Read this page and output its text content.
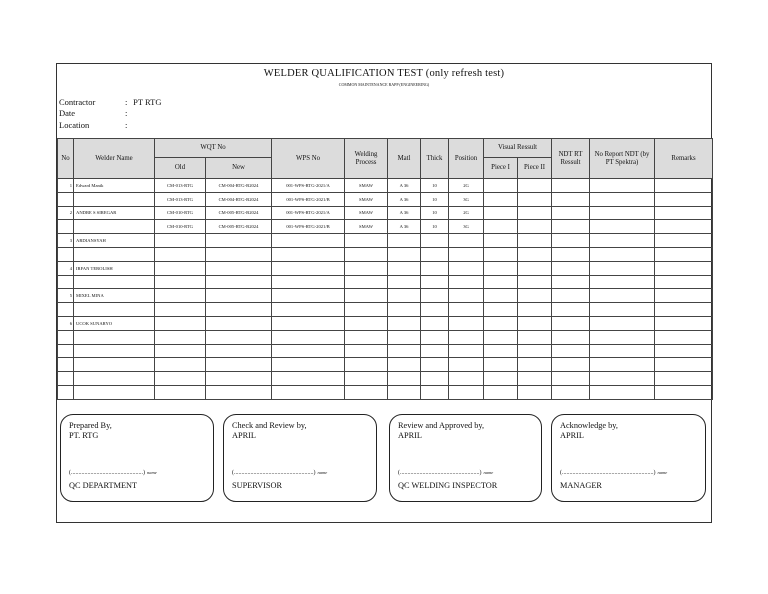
WELDER QUALIFICATION TEST (only refresh test)
COMMON MAINTENANCE RAPP (ENGINEERING)
Contractor	: PT RTG
Date	:
Location	:
No	Welder Name	WQT No		WPS No	Welding Process	Matl	Thick	Position	Visual Ressult		NDT RT Ressult	No Report NDT (by PT Spektra)	Remarks
		Old	New						Piece I	Piece II			
1	Edward Manik	CM-013-RTG	CM-004-RTG-B2024	001-WPS-RTG-2021/A	SMAW	A 36	10	2G					
		CM-013-RTG	CM-004-RTG-B2024	001-WPS-RTG-2021/B	SMAW	A 36	10	3G					
2	ANDRE S SIREGAR	CM-010-RTG	CM-005-RTG-B2024	001-WPS-RTG-2021/A	SMAW	A 36	10	2G					
		CM-010-RTG	CM-005-RTG-B2024	001-WPS-RTG-2021/B	SMAW	A 36	10	3G					
3	ARDIANSYAH												

4	IRFAN TEROLISH												

5	MIXEL MINA												

6	UCOK SUNARYO												

Prepared By,
PT. RTG
(................................................) name
QC DEPARTMENT
Check and Review by,
APRIL
(.....................................................) name
SUPERVISOR
Review and Approved by,
APRIL
(.....................................................) name
QC WELDING INSPECTOR
Acknowledge by,
APRIL
(.............................................................) name
MANAGER
